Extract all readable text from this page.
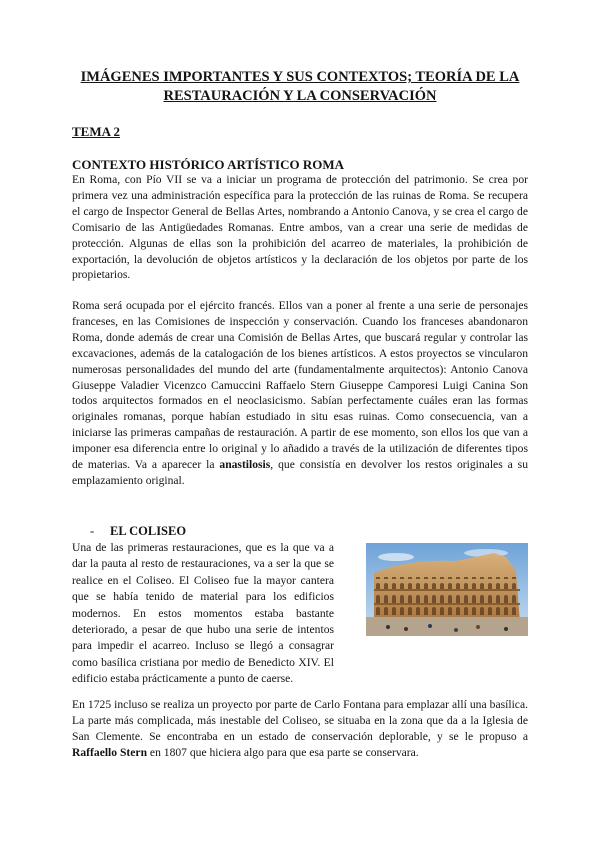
IMÁGENES IMPORTANTES Y SUS CONTEXTOS; TEORÍA DE LA RESTAURACIÓN Y LA CONSERVACIÓN
TEMA 2
CONTEXTO HISTÓRICO ARTÍSTICO ROMA

En Roma, con Pío VII se va a iniciar un programa de protección del patrimonio. Se crea por primera vez una administración específica para la protección de las ruinas de Roma. Se recupera el cargo de Inspector General de Bellas Artes, nombrando a Antonio Canova, y se crea el cargo de Comisario de las Antigüedades Romanas. Entre ambos, van a crear una serie de medidas de protección. Algunas de ellas son la prohibición del acarreo de materiales, la prohibición de exportación, la devolución de objetos artísticos y la declaración de los objetos por parte de los propietarios.

Roma será ocupada por el ejército francés. Ellos van a poner al frente a una serie de personajes franceses, en las Comisiones de inspección y conservación. Cuando los franceses abandonaron Roma, donde además de crear una Comisión de Bellas Artes, que buscará regular y controlar las excavaciones, además de la catalogación de los bienes artísticos. A estos proyectos se vincularon numerosas personalidades del mundo del arte (fundamentalmente arquitectos): Antonio Canova Giuseppe Valadier Vicenzco Camuccini Raffaelo Stern Giuseppe Camporesi Luigi Canina Son todos arquitectos formados en el neoclasicismo. Sabían perfectamente cuáles eran las formas originales romanas, porque habían estudiado in situ esas ruinas. Como consecuencia, van a iniciarse las primeras campañas de restauración. A partir de ese momento, son ellos los que van a imponer esa diferencia entre lo original y lo añadido a través de la utilización de diferentes tipos de materias. Va a aparecer la anastilosis, que consistía en devolver los restos originales a su emplazamiento original.

- EL COLISEO

Una de las primeras restauraciones, que es la que va a dar la pauta al resto de restauraciones, va a ser la que se realice en el Coliseo. El Coliseo fue la mayor cantera que se había tenido de material para los edificios modernos. En estos momentos estaba bastante deteriorado, a pesar de que hubo una serie de intentos para impedir el acarreo. Incluso se llegó a consagrar como basílica cristiana por medio de Benedicto XIV. El edificio estaba prácticamente a punto de caerse.

En 1725 incluso se realiza un proyecto por parte de Carlo Fontana para emplazar allí una basílica. La parte más complicada, más inestable del Coliseo, se situaba en la zona que da a la Iglesia de San Clemente. Se encontraba en un estado de conservación deplorable, y se le propuso a Raffaello Stern en 1807 que hiciera algo para que esa parte se conservara.
